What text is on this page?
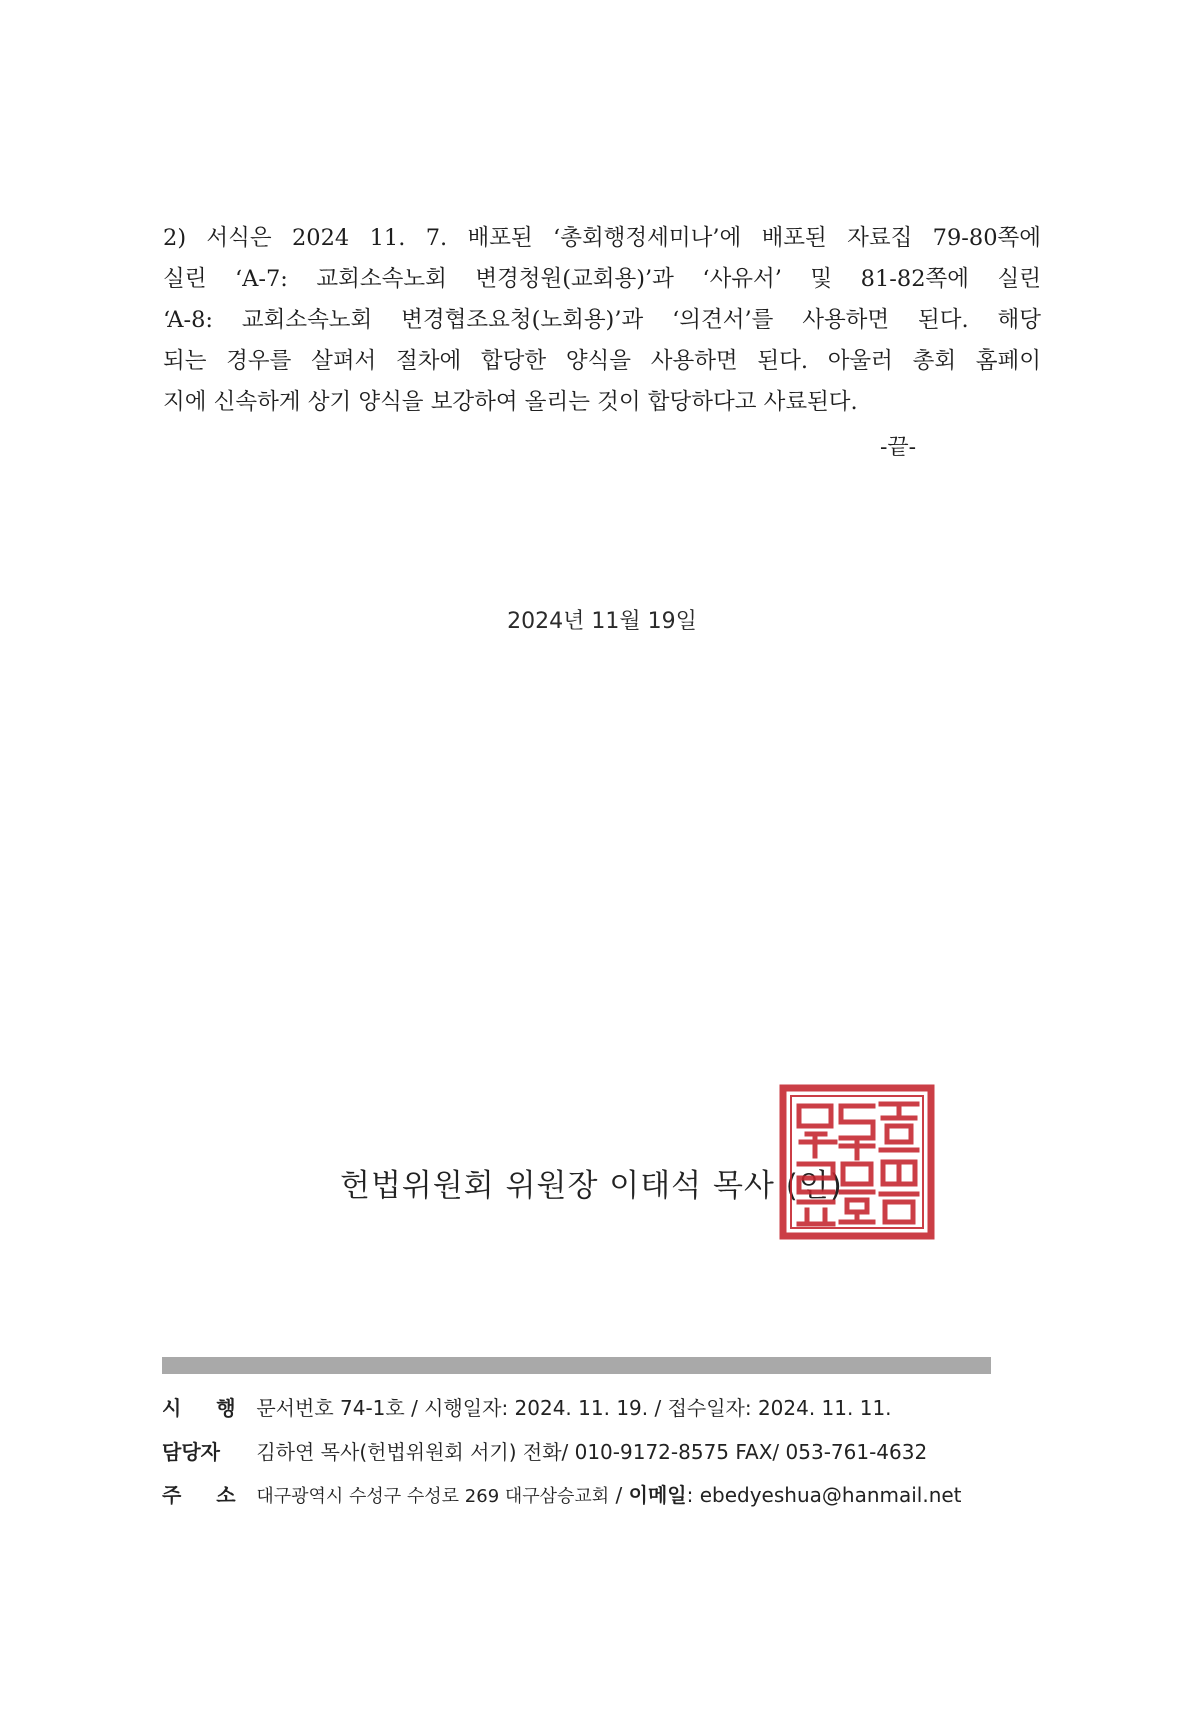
2) 서식은 2024 11. 7. 배포된 ‘총회행정세미나’에 배포된 자료집 79-80쪽에
실린 ‘A-7: 교회소속노회 변경청원(교회용)’과 ‘사유서’ 및 81-82쪽에 실린
‘A-8: 교회소속노회 변경협조요청(노회용)’과 ‘의견서’를 사용하면 된다. 해당
되는 경우를 살펴서 절차에 합당한 양식을 사용하면 된다. 아울러 총회 홈페이
지에 신속하게 상기 양식을 보강하여 올리는 것이 합당하다고 사료된다.
-끝-
2024년 11월 19일
헌법위원회 위원장 이태석 목사 (인)
시 행 문서번호 74-1호 / 시행일자: 2024. 11. 19. / 접수일자: 2024. 11. 11.
담당자 김하연 목사(헌법위원회 서기) 전화/ 010-9172-8575 FAX/ 053-761-4632
주 소 대구광역시 수성구 수성로 269 대구삼승교회 / 이메일: ebedyeshua@hanmail.net
